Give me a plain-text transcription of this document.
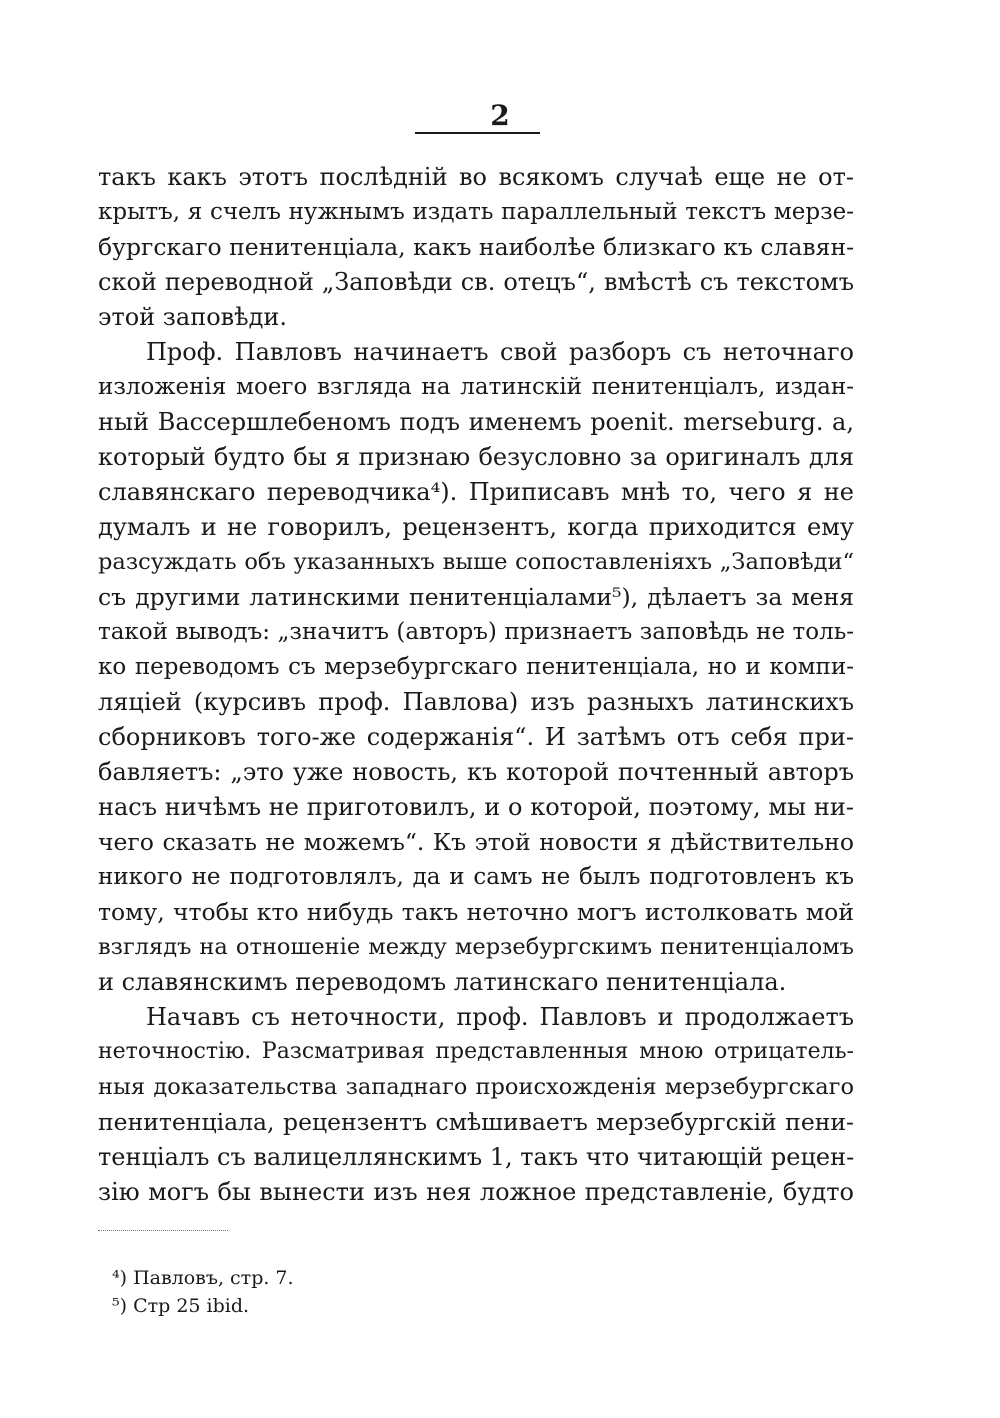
2
такъ какъ этотъ послѣдній во всякомъ случаѣ еще не от-
крытъ, я счелъ нужнымъ издать параллельный текстъ мерзе-
бургскаго пенитенціала, какъ наиболѣе близкаго къ славян-
ской переводной „Заповѣди св. отецъ“, вмѣстѣ съ текстомъ
этой заповѣди.
Проф. Павловъ начинаетъ свой разборъ съ неточнаго
изложенія моего взгляда на латинскій пенитенціалъ, издан-
ный Вассершлебеномъ подъ именемъ poenit. merseburg. a,
который будто бы я признаю безусловно за оригиналъ для
славянскаго переводчика⁴). Приписавъ мнѣ то, чего я не
думалъ и не говорилъ, рецензентъ, когда приходится ему
разсуждать объ указанныхъ выше сопоставленіяхъ „Заповѣди“
съ другими латинскими пенитенціалами⁵), дѣлаетъ за меня
такой выводъ: „значитъ (авторъ) признаетъ заповѣдь не толь-
ко переводомъ съ мерзебургскаго пенитенціала, но и компи-
ляціей (курсивъ проф. Павлова) изъ разныхъ латинскихъ
сборниковъ того-же содержанія“. И затѣмъ отъ себя при-
бавляетъ: „это уже новость, къ которой почтенный авторъ
насъ ничѣмъ не приготовилъ, и о которой, поэтому, мы ни-
чего сказать не можемъ“. Къ этой новости я дѣйствительно
никого не подготовлялъ, да и самъ не былъ подготовленъ къ
тому, чтобы кто нибудь такъ неточно могъ истолковать мой
взглядъ на отношеніе между мерзебургскимъ пенитенціаломъ
и славянскимъ переводомъ латинскаго пенитенціала.
Начавъ съ неточности, проф. Павловъ и продолжаетъ
неточностію. Разсматривая представленныя мною отрицатель-
ныя доказательства западнаго происхожденія мерзебургскаго
пенитенціала, рецензентъ смѣшиваетъ мерзебургскій пени-
тенціалъ съ валицеллянскимъ 1, такъ что читающій рецен-
зію могъ бы вынести изъ нея ложное представленіе, будто
⁴) Павловъ, стр. 7.
⁵) Стр 25 ibid.
